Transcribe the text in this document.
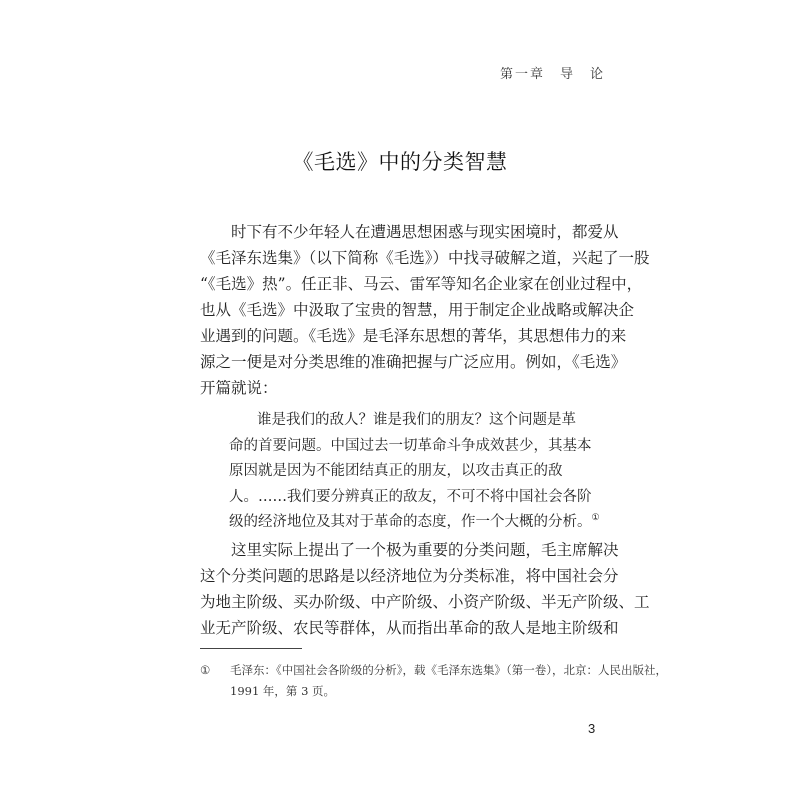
第一章　导　论
《毛选》中的分类智慧
时下有不少年轻人在遭遇思想困惑与现实困境时，都爱从
《毛泽东选集》（以下简称《毛选》）中找寻破解之道，兴起了一股
“《毛选》热”。任正非、马云、雷军等知名企业家在创业过程中，
也从《毛选》中汲取了宝贵的智慧，用于制定企业战略或解决企
业遇到的问题。《毛选》是毛泽东思想的菁华，其思想伟力的来
源之一便是对分类思维的准确把握与广泛应用。例如，《毛选》
开篇就说：
谁是我们的敌人？谁是我们的朋友？这个问题是革
命的首要问题。中国过去一切革命斗争成效甚少，其基本
原因就是因为不能团结真正的朋友，以攻击真正的敌
人。……我们要分辨真正的敌友，不可不将中国社会各阶
级的经济地位及其对于革命的态度，作一个大概的分析。①
这里实际上提出了一个极为重要的分类问题，毛主席解决
这个分类问题的思路是以经济地位为分类标准，将中国社会分
为地主阶级、买办阶级、中产阶级、小资产阶级、半无产阶级、工
业无产阶级、农民等群体，从而指出革命的敌人是地主阶级和
① 毛泽东：《中国社会各阶级的分析》，载《毛泽东选集》（第一卷），北京：人民出版社，
1991 年，第 3 页。
3
